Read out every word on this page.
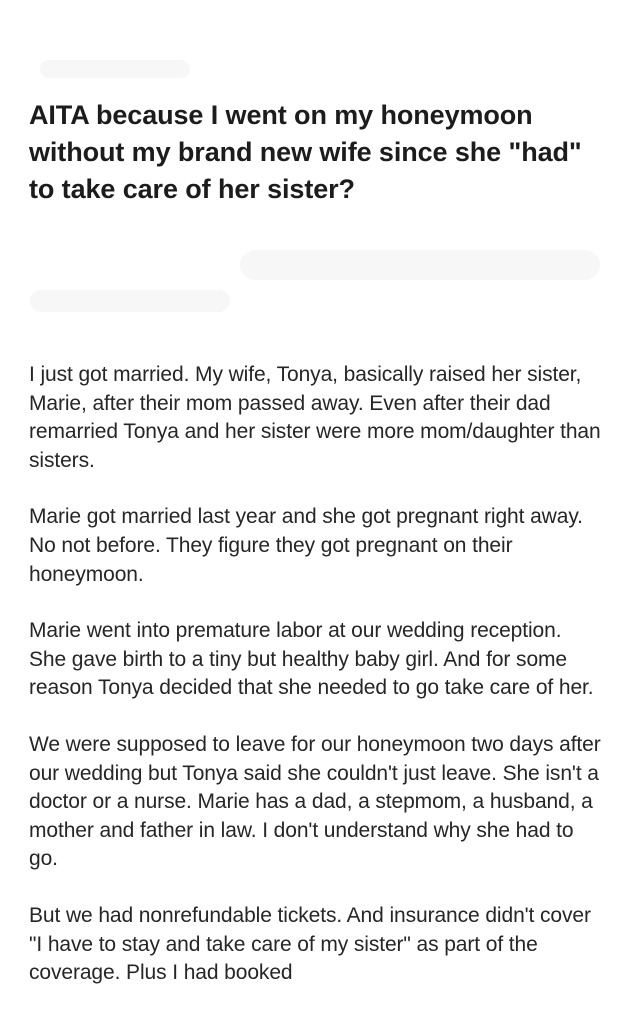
AITA because I went on my honeymoon without my brand new wife since she "had" to take care of her sister?

I just got married. My wife, Tonya, basically raised her sister, Marie, after their mom passed away. Even after their dad remarried Tonya and her sister were more mom/daughter than sisters.

Marie got married last year and she got pregnant right away. No not before. They figure they got pregnant on their honeymoon.

Marie went into premature labor at our wedding reception. She gave birth to a tiny but healthy baby girl. And for some reason Tonya decided that she needed to go take care of her.

We were supposed to leave for our honeymoon two days after our wedding but Tonya said she couldn't just leave. She isn't a doctor or a nurse. Marie has a dad, a stepmom, a husband, a mother and father in law. I don't understand why she had to go.

But we had nonrefundable tickets. And insurance didn't cover "I have to stay and take care of my sister" as part of the coverage. Plus I had booked
